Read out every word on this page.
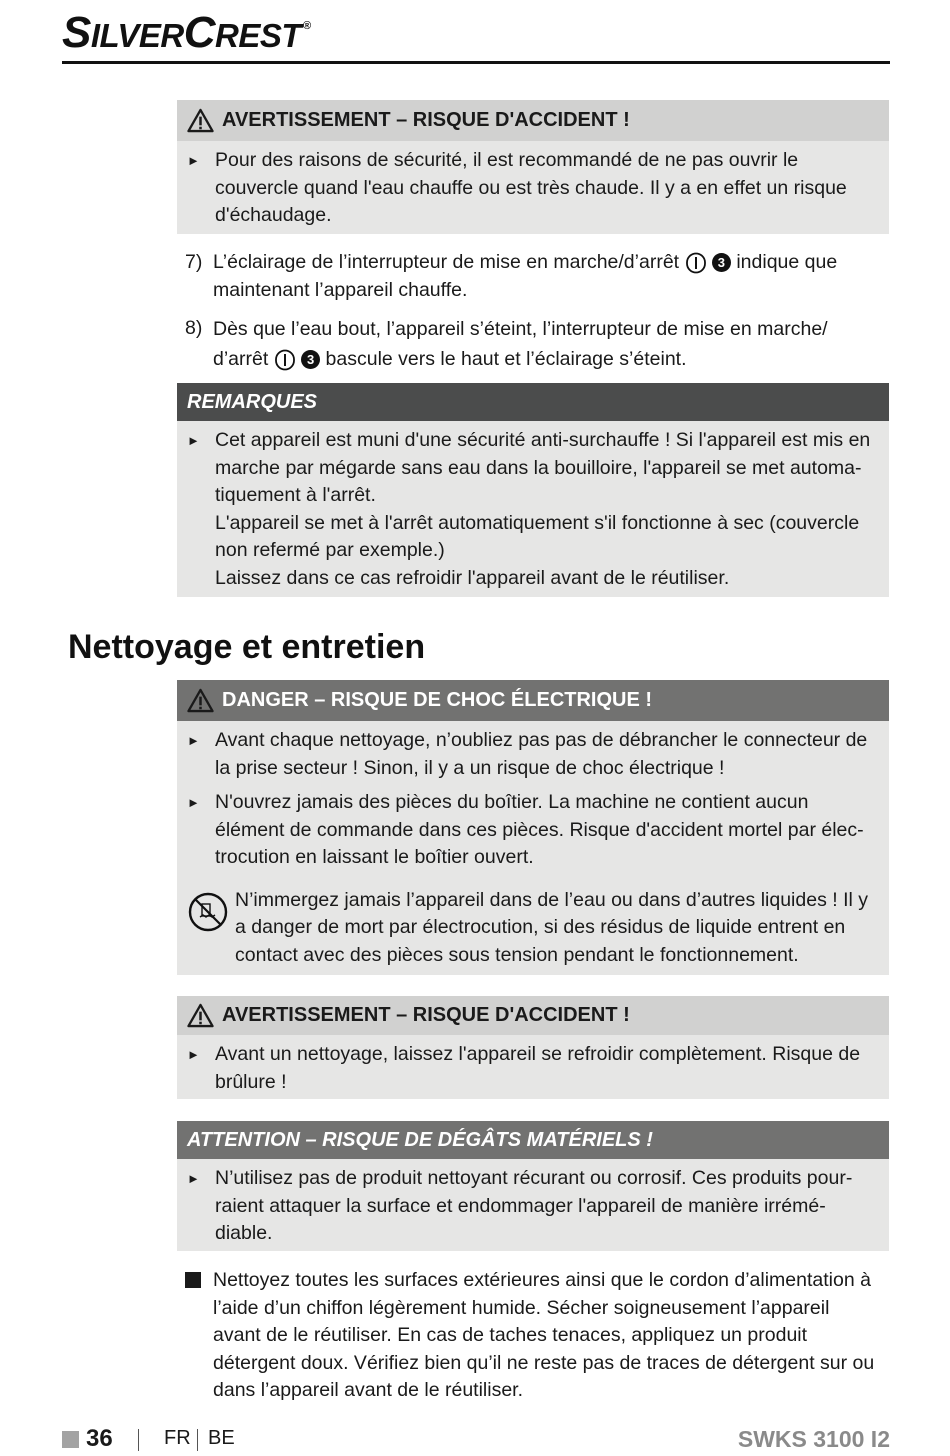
SILVERCREST ®
AVERTISSEMENT – RISQUE D'ACCIDENT !
► Pour des raisons de sécurité, il est recommandé de ne pas ouvrir le couvercle quand l'eau chauffe ou est très chaude. Il y a en effet un risque d'échaudage.
7) L’éclairage de l’interrupteur de mise en marche/d’arrêt	3 indique que maintenant l’appareil chauffe.
8) Dès que l’eau bout, l’appareil s’éteint, l’interrupteur de mise en marche/ d’arrêt	3 bascule vers le haut et l’éclairage s’éteint.
REMARQUES
► Cet appareil est muni d'une sécurité anti-surchauffe ! Si l'appareil est mis en marche par mégarde sans eau dans la bouilloire, l'appareil se met automa-tiquement à l'arrêt.
L'appareil se met à l'arrêt automatiquement s'il fonctionne à sec (couvercle non refermé par exemple.)
Laissez dans ce cas refroidir l'appareil avant de le réutiliser.
Nettoyage et entretien
DANGER – RISQUE DE CHOC ÉLECTRIQUE !
► Avant chaque nettoyage, n’oubliez pas pas de débrancher le connecteur de la prise secteur ! Sinon, il y a un risque de choc électrique !
► N'ouvrez jamais des pièces du boîtier. La machine ne contient aucun élément de commande dans ces pièces. Risque d'accident mortel par élec-trocution en laissant le boîtier ouvert.
N’immergez jamais l’appareil dans de l’eau ou dans d’autres liquides ! Il y a danger de mort par électrocution, si des résidus de liquide entrent en contact avec des pièces sous tension pendant le fonctionnement.
AVERTISSEMENT – RISQUE D'ACCIDENT !
► Avant un nettoyage, laissez l'appareil se refroidir complètement. Risque de brûlure !
ATTENTION – RISQUE DE DÉGÂTS MATÉRIELS !
► N’utilisez pas de produit nettoyant récurant ou corrosif. Ces produits pour-raient attaquer la surface et endommager l'appareil de manière irrémé-diable.
Nettoyez toutes les surfaces extérieures ainsi que le cordon d’alimentation à l’aide d’un chiffon légèrement humide. Sécher soigneusement l’appareil avant de le réutiliser. En cas de taches tenaces, appliquez un produit détergent doux. Vérifiez bien qu’il ne reste pas de traces de détergent sur ou dans l’appareil avant de le réutiliser.
36	FR BE	SWKS 3100 I2
